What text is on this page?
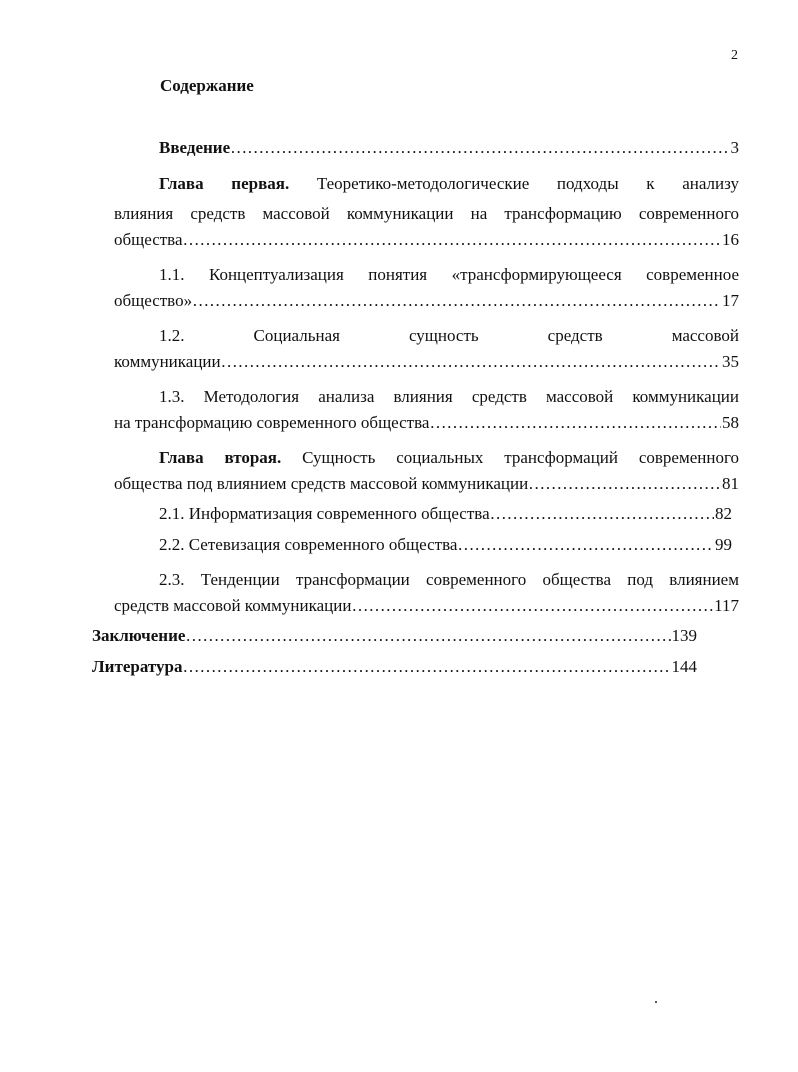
2
Содержание
Введение ……………………………………………………………………………………………………………………………………………………………………	3
Глава первая. Теоретико-методологические подходы к анализу
влияния средств массовой коммуникации на трансформацию современного
общества ……………………………………………………………………………………………………………………………………………………………………	16
1.1. Концептуализация понятия «трансформирующееся современное
общество» ……………………………………………………………………………………………………………………………………………………………………	17
1.2. Социальная сущность средств массовой
коммуникации ……………………………………………………………………………………………………………………………………………………………………	35
1.3. Методология анализа влияния средств массовой коммуникации
на трансформацию современного общества ……………………………………………………………………………………………………………………………………………………………………	58
Глава вторая. Сущность социальных трансформаций современного
общества под влиянием средств массовой коммуникации ……………………………………………………………………………………………………………………………………………………………………	81
2.1. Информатизация современного общества ……………………………………………………………………………………………………………………………………………………………………	82
2.2. Сетевизация современного общества ……………………………………………………………………………………………………………………………………………………………………	99
2.3. Тенденции трансформации современного общества под влиянием
средств массовой коммуникации ……………………………………………………………………………………………………………………………………………………………………	117
Заключение ……………………………………………………………………………………………………………………………………………………………………	139
Литература ……………………………………………………………………………………………………………………………………………………………………	144
